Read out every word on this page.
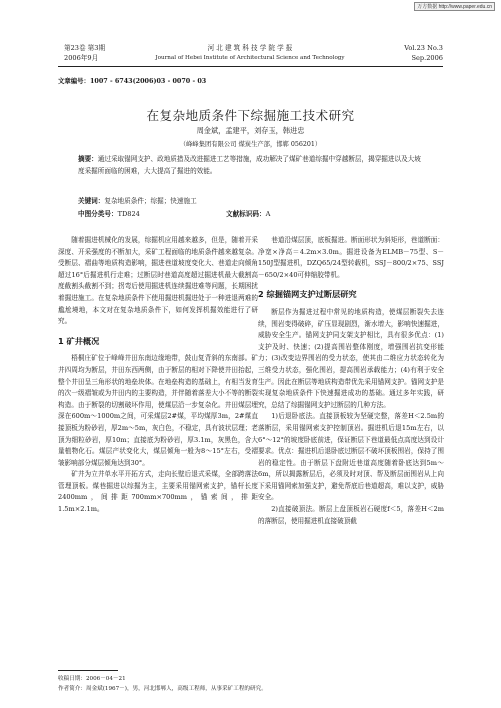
万方数据 http://www.paper.edu.cn
第23卷 第3期
2006年9月
河 北 建 筑 科 技 学 院 学 报
Journal of Hebei Institute of Architectural Science and Technology
Vol.23 No.3
Sep.2006
文章编号：1007 - 6743(2006)03 - 0070 - 03
在复杂地质条件下综掘施工技术研究
周金斌，孟建平，刘存玉，韩进忠
（峰峰集团有限公司 煤炭生产部，邯郸 056201）
摘要：通过采取锚网支护、政地质措及改进掘进工艺等措施，成功解决了煤矿巷道综掘中穿越断层，揭穿掘进以及大坡度采掘所面临的困难，大大提高了掘进的效能。
关键词：复杂地质条件；综掘；快速施工
中图分类号：TD824	文献标识码：A

随着掘进机械化的发展，综掘机应用越来越多，但是，随着开采深度、开采强度的不断加大，采矿工程面临的地质条件越来越复杂。受断层、褶曲等地质构造影响，掘进巷道坡度变化大、巷道走向倾角超过16°后掘进机行走难；过断层时巷道高度超过掘进机最大截割高度截割头截割不到；拐弯后使用掘进机连续掘进难等问题，长期困扰着掘进施工。在复杂地质条件下使用掘进机掘进处于一种进退两难的尴尬境地，本文对在复杂地质条件下，如何发挥机掘效能进行了研究。

1 矿井概况

梧桐庄矿位于峰峰井田东南边缘地带，鼓山复背斜的东南部。矿井四周均为断层，井田东西两侧，由于断层的相对下降使井田抬起，整个井田呈三角形状的地垒块体。在地垒构造的基础上，有相当发育的次一级褶皱或为井田内的主要构造，并伴随着落差大小不等的断裂构造。由于断裂的切割破坏作用，使煤层沿一步复杂化。井田煤层埋深在600m～1000m之间，可采煤层2#煤，平均煤厚3m，2#煤直接顶板为粉砂岩，厚2m～5m，灰白色，不稳定，具有波状层理；老顶为细粒砂岩，厚10m；直接底为粉砂岩，厚3.1m，灰黑色，含大量植物化石。煤层产状变化大，煤层倾角一般为8～15°左右，受褶皱影响部分煤层倾角达到30°。

矿井为立井单水平开拓方式，走向长壁后退式采煤，全部跨落法管理顶板。煤巷掘进以综掘为主，主要采用锚网索支护，锚杆长度2400mm，间排距700mm×700mm，锚索间，排距1.5m×2.1m。

巷道沿煤层顶，底板掘进。断面形状为斜矩形，巷道断面：净宽×净高＝4.2m×3.0m。掘进设备为ELMB－75型、S－150J型掘进机，DZQ65/24型转载机，SSJ－800/2×75、SSJ－650/2×40可伸缩胶带机。

2 综掘锚网支护过断层研究

断层作为掘进过程中常见的地质构造，使煤层断裂失去连续，围岩变得破碎，矿压显现剧烈，渐水增大，影响快速掘进，威胁安全生产。锚网支护同支架支护相比，具有很多优点：(1)支护及时、快速；(2)提高围岩整体刚度，增强围岩抗变形能力；(3)改变边界围岩的受力状态，使其由二维应力状态转化为三维受力状态，强化围岩，提高围岩承载能力；(4)有利于安全生产。因此在断层等地质构造带优先采用锚网支护。锚网支护是实现复杂地质条件下快速掘进成功的基础。通过多年实践，研究，总结了综掘锚网支护过断层的几种方法。

1)后退卧底法。直接顶板较为坚硬完整，落差H＜2.5m的落断层，采用锚网索支护控制顶岩。掘进机后退15m左右，以6°～12°的坡度卧底前进，保证断层下巷道最低点高度达到设计要求。优点：掘进机后退卧底过断层不破坏顶板围岩，保持了围岩的稳定性。由于断层下盘附近巷道高度随着卧底达到5m～6m，所以揭露断层后，必须及时对顶、帮及断层面围岩从上向下采用锚网索加强支护，避免帮底后巷道超高，难以支护，威胁安全。

2)直接破顶法。断层上盘顶板岩石硬度f＜5，落差H＜2m的落断层，使用掘进机直接破顶截

收稿日期：2006－04－21
作者简介：周金斌(1967－)，男，河北邯郸人，高级工程师，从事采矿工程的研究。
